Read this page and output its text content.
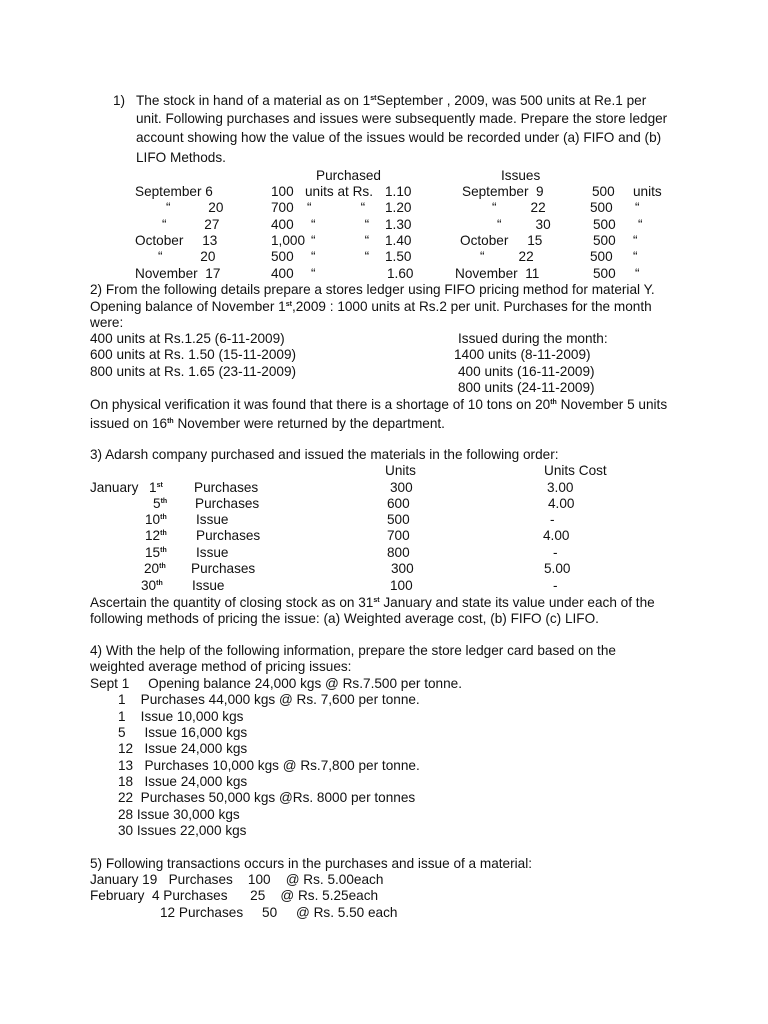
1) The stock in hand of a material as on 1stSeptember , 2009, was 500 units at Re.1 per
unit. Following purchases and issues were subsequently made. Prepare the store ledger
account showing how the value of the issues would be recorded under (a) FIFO and (b)
LIFO Methods.
Purchased	Issues
September 6	100 units at Rs. 1.10	September  9	500 units
“          20	700 “             “ 1.20	“         22	500 “
“          27	400 “             “ 1.30	“         30	500 “
October     13	1,000 “             “ 1.40	October     15	500 “
“          20	500 “             “ 1.50	“         22	500 “
November  17	400 “	1.60	November  11	500 “
2) From the following details prepare a stores ledger using FIFO pricing method for material Y.
Opening balance of November 1st,2009 : 1000 units at Rs.2 per unit. Purchases for the month
were:
400 units at Rs.1.25 (6-11-2009)
600 units at Rs. 1.50 (15-11-2009)
800 units at Rs. 1.65 (23-11-2009)
Issued during the month:
1400 units (8-11-2009)
400 units (16-11-2009)
800 units (24-11-2009)
On physical verification it was found that there is a shortage of 10 tons on 20th November 5 units
issued on 16th November were returned by the department.
3) Adarsh company purchased and issued the materials in the following order:
Units	Units Cost
January 1st Purchases	300	3.00
5th Purchases	600	4.00
10th Issue	500	-
12th Purchases	700	4.00
15th Issue	800	-
20th Purchases	300	5.00
30th Issue	100	-
Ascertain the quantity of closing stock as on 31st January and state its value under each of the
following methods of pricing the issue: (a) Weighted average cost, (b) FIFO (c) LIFO.
4) With the help of the following information, prepare the store ledger card based on the
weighted average method of pricing issues:
Sept 1     Opening balance 24,000 kgs @ Rs.7.500 per tonne.
1    Purchases 44,000 kgs @ Rs. 7,600 per tonne.
1    Issue 10,000 kgs
5     Issue 16,000 kgs
12   Issue 24,000 kgs
13   Purchases 10,000 kgs @ Rs.7,800 per tonne.
18   Issue 24,000 kgs
22  Purchases 50,000 kgs @Rs. 8000 per tonnes
28 Issue 30,000 kgs
30 Issues 22,000 kgs
5) Following transactions occurs in the purchases and issue of a material:
January 19   Purchases    100    @ Rs. 5.00each
February  4 Purchases      25    @ Rs. 5.25each
12 Purchases     50     @ Rs. 5.50 each
